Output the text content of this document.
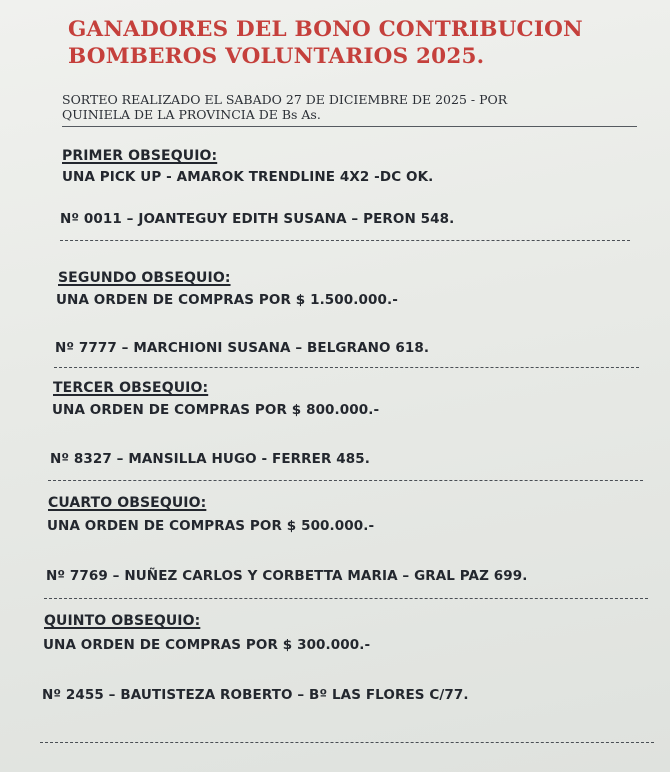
GANADORES DEL BONO CONTRIBUCION
BOMBEROS VOLUNTARIOS 2025.
SORTEO REALIZADO EL SABADO 27 DE DICIEMBRE DE 2025 - POR
QUINIELA DE LA PROVINCIA DE Bs As.
PRIMER OBSEQUIO:
UNA PICK UP - AMAROK TRENDLINE 4X2 -DC OK.
Nº 0011 – JOANTEGUY EDITH SUSANA – PERON 548.
SEGUNDO OBSEQUIO:
UNA ORDEN DE COMPRAS POR $ 1.500.000.-
Nº 7777 – MARCHIONI SUSANA – BELGRANO 618.
TERCER OBSEQUIO:
UNA ORDEN DE COMPRAS POR $ 800.000.-
Nº 8327 – MANSILLA HUGO - FERRER 485.
CUARTO OBSEQUIO:
UNA ORDEN DE COMPRAS POR $ 500.000.-
Nº 7769 – NUÑEZ CARLOS Y CORBETTA MARIA – GRAL PAZ 699.
QUINTO OBSEQUIO:
UNA ORDEN DE COMPRAS POR $ 300.000.-
Nº 2455 – BAUTISTEZA ROBERTO – Bº LAS FLORES C/77.
